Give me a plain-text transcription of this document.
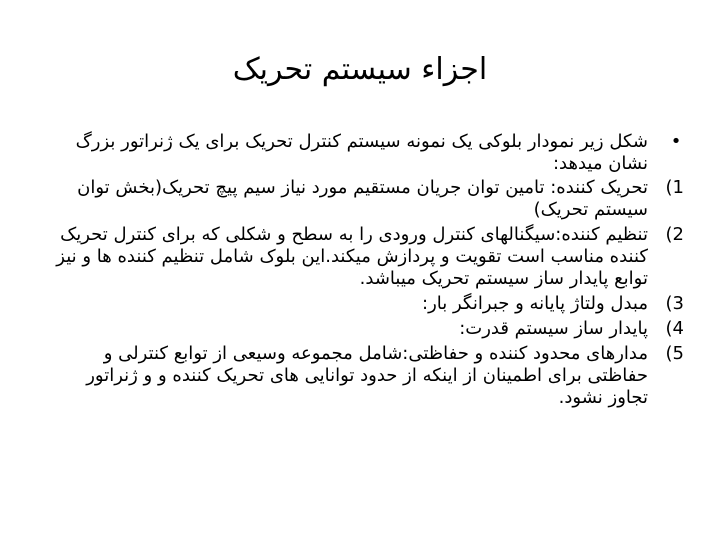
اجزاء سیستم تحریک
•
شکل زیر نمودار بلوکی یک نمونه سیستم کنترل تحریک برای یک ژنراتور بزرگ نشان میدهد:
1)
تحریک کننده: تامین توان جریان مستقیم مورد نیاز سیم پیچ تحریک(بخش توان سیستم تحریک)
2)
تنظیم کننده:سیگنالهای کنترل ورودی را به سطح و شکلی که برای کنترل تحریک کننده مناسب است تقویت و پردازش میکند.این بلوک شامل تنظیم کننده ها و نیز توابع پایدار ساز سیستم تحریک میباشد.
3)
مبدل ولتاژ پایانه و جبرانگر بار:
4)
پایدار ساز سیستم قدرت:
5)
مدارهای محدود کننده و حفاظتی:شامل مجموعه وسیعی از توابع کنترلی و حفاظتی برای اطمینان از اینکه از حدود توانایی های تحریک کننده و و ژنراتور تجاوز نشود.
